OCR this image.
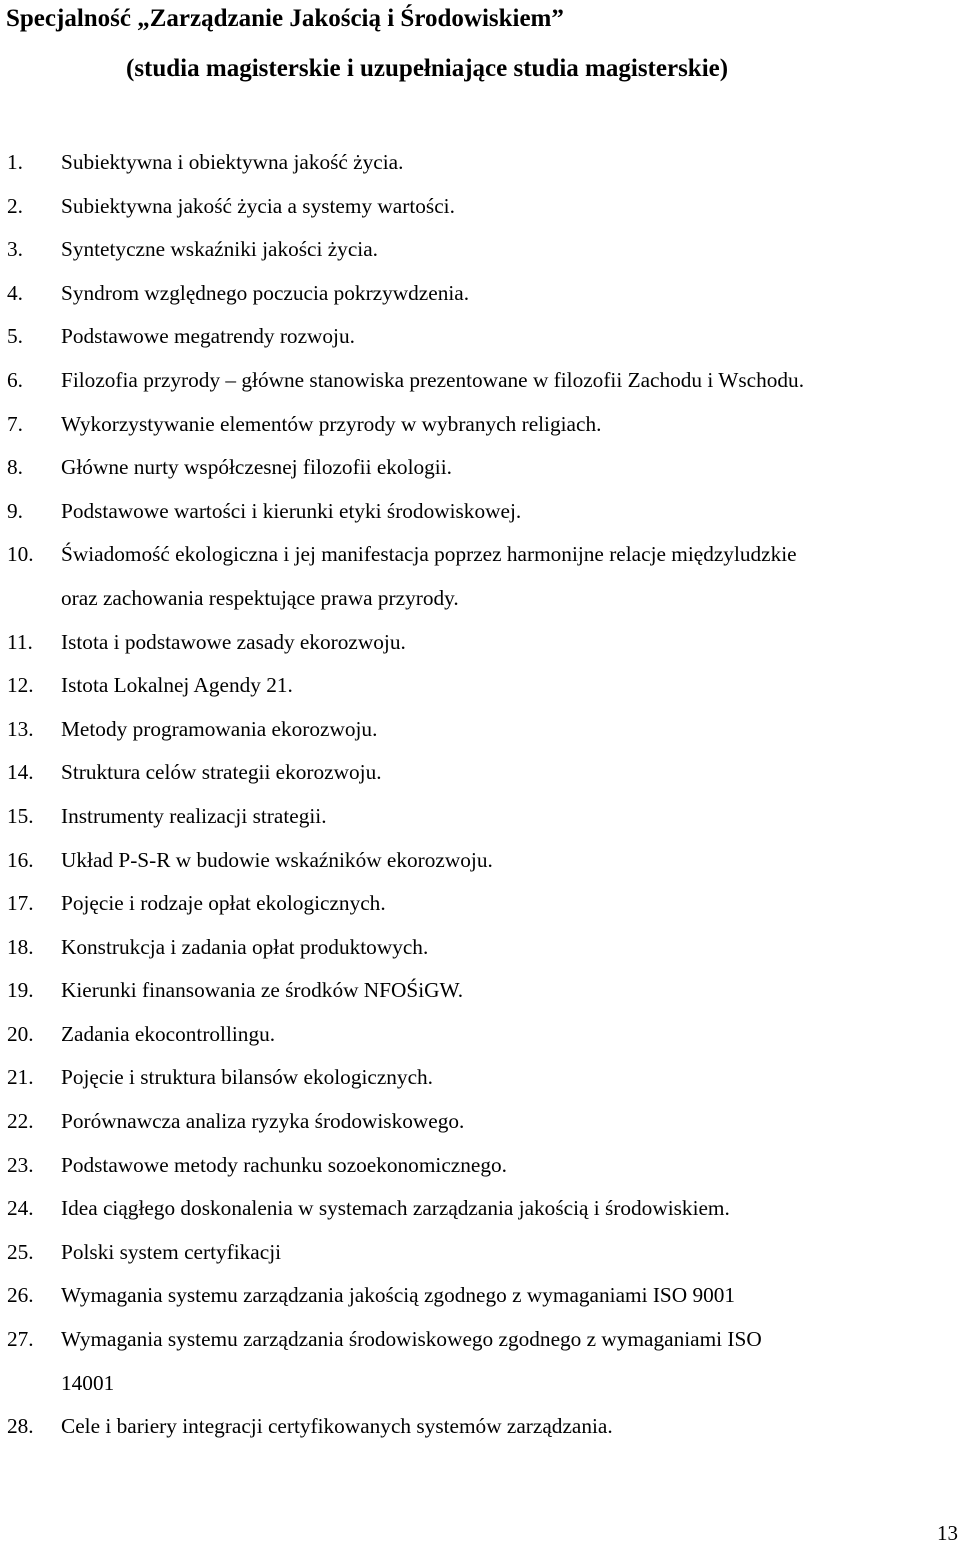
Specjalność „Zarządzanie Jakością i Środowiskiem”
(studia magisterskie i uzupełniające studia magisterskie)
1.	Subiektywna i obiektywna jakość życia.
2.	Subiektywna jakość życia a systemy wartości.
3.	Syntetyczne wskaźniki jakości życia.
4.	Syndrom względnego poczucia pokrzywdzenia.
5.	Podstawowe megatrendy rozwoju.
6.	Filozofia przyrody – główne stanowiska prezentowane w filozofii Zachodu i Wschodu.
7.	Wykorzystywanie elementów przyrody w wybranych religiach.
8.	Główne nurty współczesnej filozofii ekologii.
9.	Podstawowe wartości i kierunki etyki środowiskowej.
10.	Świadomość ekologiczna i jej manifestacja poprzez harmonijne relacje międzyludzkie
oraz zachowania respektujące prawa przyrody.
11.	Istota i podstawowe zasady ekorozwoju.
12.	Istota Lokalnej Agendy 21.
13.	Metody programowania ekorozwoju.
14.	Struktura celów strategii ekorozwoju.
15.	Instrumenty realizacji strategii.
16.	Układ P-S-R w budowie wskaźników ekorozwoju.
17.	Pojęcie i rodzaje opłat ekologicznych.
18.	Konstrukcja i zadania opłat produktowych.
19.	Kierunki finansowania ze środków NFOŚiGW.
20.	Zadania ekocontrollingu.
21.	Pojęcie i struktura bilansów ekologicznych.
22.	Porównawcza analiza ryzyka środowiskowego.
23.	Podstawowe metody rachunku sozoekonomicznego.
24.	Idea ciągłego doskonalenia w systemach zarządzania jakością i środowiskiem.
25.	Polski system certyfikacji
26.	Wymagania systemu zarządzania jakością zgodnego z wymaganiami ISO 9001
27.	Wymagania systemu zarządzania środowiskowego zgodnego z wymaganiami ISO
14001
28.	Cele i bariery integracji certyfikowanych systemów zarządzania.
13
